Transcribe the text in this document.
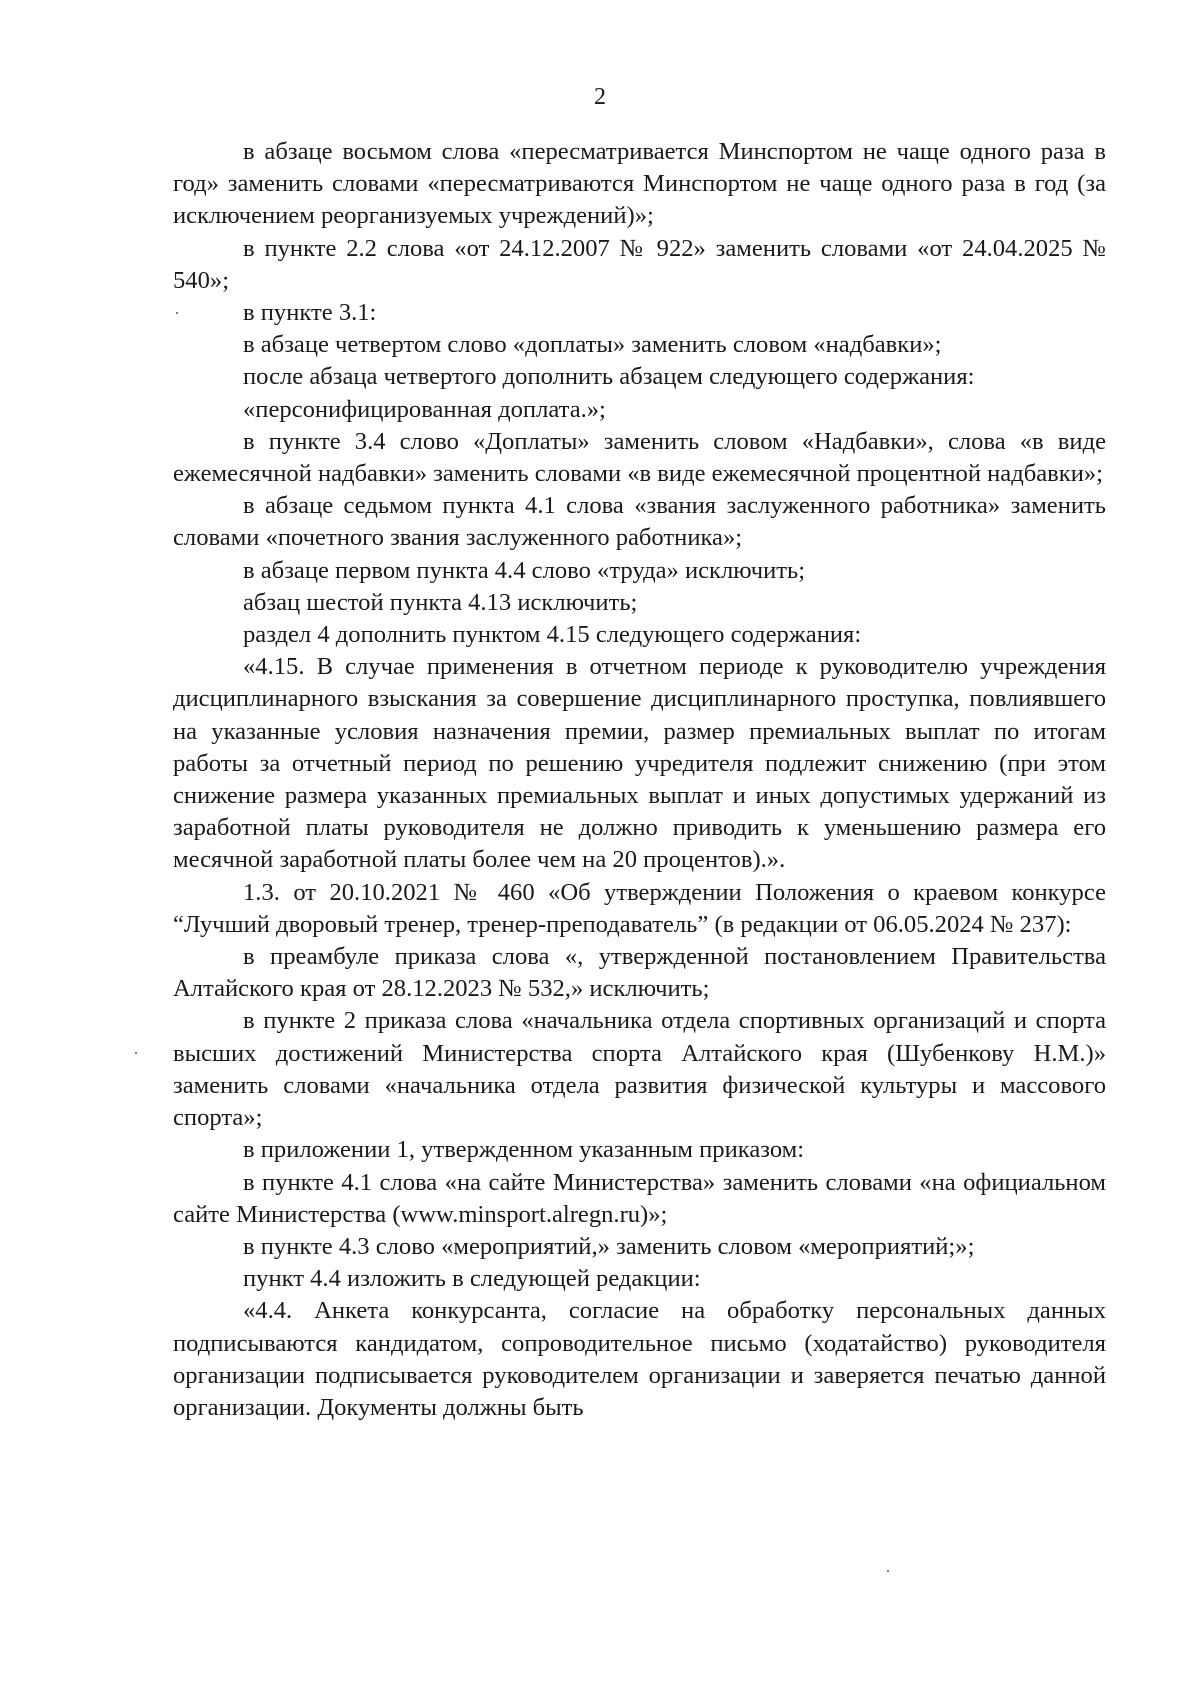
2

в абзаце восьмом слова «пересматривается Минспортом не чаще одного раза в год» заменить словами «пересматриваются Минспортом не чаще одного раза в год (за исключением реорганизуемых учреждений)»;

в пункте 2.2 слова «от 24.12.2007 № 922» заменить словами «от 24.04.2025 № 540»;

в пункте 3.1:

в абзаце четвертом слово «доплаты» заменить словом «надбавки»;

после абзаца четвертого дополнить абзацем следующего содержания:

«персонифицированная доплата.»;

в пункте 3.4 слово «Доплаты» заменить словом «Надбавки», слова «в виде ежемесячной надбавки» заменить словами «в виде ежемесячной процентной надбавки»;

в абзаце седьмом пункта 4.1 слова «звания заслуженного работника» заменить словами «почетного звания заслуженного работника»;

в абзаце первом пункта 4.4 слово «труда» исключить;

абзац шестой пункта 4.13 исключить;

раздел 4 дополнить пунктом 4.15 следующего содержания:

«4.15. В случае применения в отчетном периоде к руководителю учреждения дисциплинарного взыскания за совершение дисциплинарного проступка, повлиявшего на указанные условия назначения премии, размер премиальных выплат по итогам работы за отчетный период по решению учредителя подлежит снижению (при этом снижение размера указанных премиальных выплат и иных допустимых удержаний из заработной платы руководителя не должно приводить к уменьшению размера его месячной заработной платы более чем на 20 процентов).».

1.3. от 20.10.2021 № 460 «Об утверждении Положения о краевом конкурсе “Лучший дворовый тренер, тренер-преподаватель” (в редакции от 06.05.2024 № 237):

в преамбуле приказа слова «, утвержденной постановлением Правительства Алтайского края от 28.12.2023 № 532,» исключить;

в пункте 2 приказа слова «начальника отдела спортивных организаций и спорта высших достижений Министерства спорта Алтайского края (Шубенкову Н.М.)» заменить словами «начальника отдела развития физической культуры и массового спорта»;

в приложении 1, утвержденном указанным приказом:

в пункте 4.1 слова «на сайте Министерства» заменить словами «на официальном сайте Министерства (www.minsport.alregn.ru)»;

в пункте 4.3 слово «мероприятий,» заменить словом «мероприятий;»;

пункт 4.4 изложить в следующей редакции:

«4.4. Анкета конкурсанта, согласие на обработку персональных данных подписываются кандидатом, сопроводительное письмо (ходатайство) руководителя организации подписывается руководителем организации и заверяется печатью данной организации. Документы должны быть
